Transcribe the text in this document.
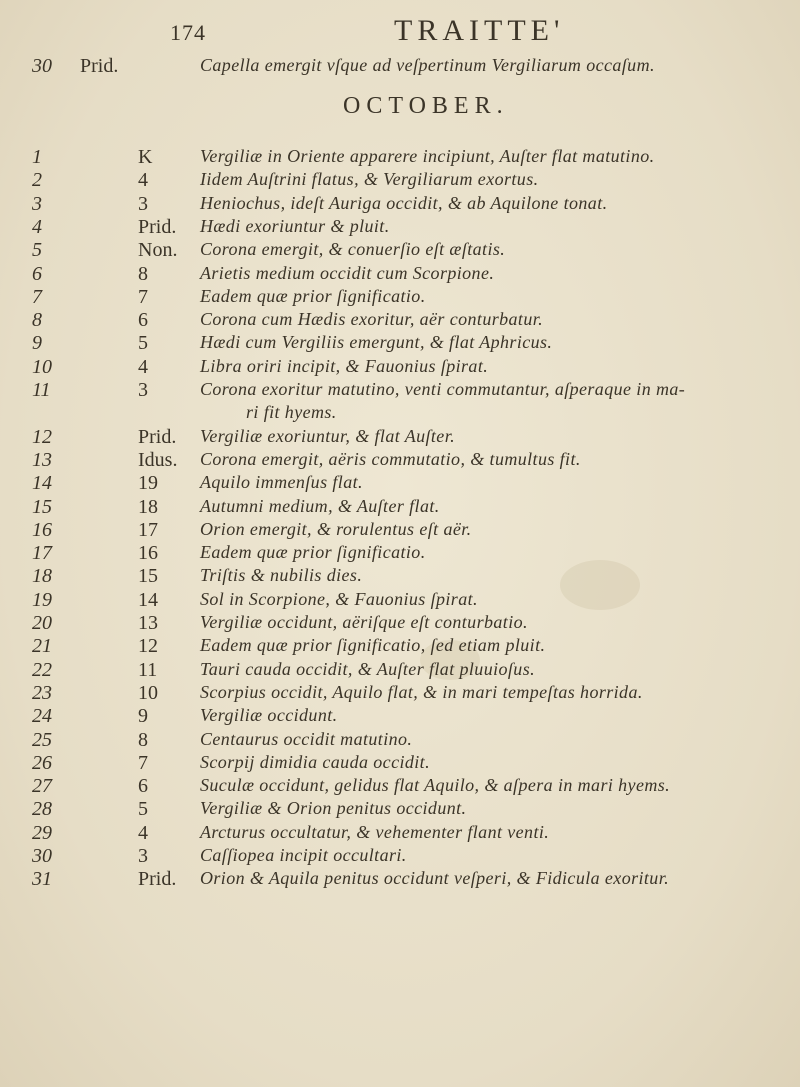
174	TRAITTE'
30	Prid.	Capella emergit vſque ad veſpertinum Vergiliarum occaſum.
OCTOBER.
1	K	Vergiliæ in Oriente apparere incipiunt, Auſter flat matutino.
2	4	Iidem Auſtrini flatus, & Vergiliarum exortus.
3	3	Heniochus, ideſt Auriga occidit, & ab Aquilone tonat.
4	Prid.	Hædi exoriuntur & pluit.
5	Non.	Corona emergit, & conuerſio eſt æſtatis.
6	8	Arietis medium occidit cum Scorpione.
7	7	Eadem quæ prior ſignificatio.
8	6	Corona cum Hædis exoritur, aër conturbatur.
9	5	Hædi cum Vergiliis emergunt, & flat Aphricus.
10	4	Libra oriri incipit, & Fauonius ſpirat.
11	3	Corona exoritur matutino, venti commutantur, aſperaque in ma-
ri fit hyems.
12	Prid.	Vergiliæ exoriuntur, & flat Auſter.
13	Idus.	Corona emergit, aëris commutatio, & tumultus fit.
14	19	Aquilo immenſus flat.
15	18	Autumni medium, & Auſter flat.
16	17	Orion emergit, & rorulentus eſt aër.
17	16	Eadem quæ prior ſignificatio.
18	15	Triſtis & nubilis dies.
19	14	Sol in Scorpione, & Fauonius ſpirat.
20	13	Vergiliæ occidunt, aëriſque eſt conturbatio.
21	12	Eadem quæ prior ſignificatio, ſed etiam pluit.
22	11	Tauri cauda occidit, & Auſter flat pluuioſus.
23	10	Scorpius occidit, Aquilo flat, & in mari tempeſtas horrida.
24	9	Vergiliæ occidunt.
25	8	Centaurus occidit matutino.
26	7	Scorpij dimidia cauda occidit.
27	6	Suculæ occidunt, gelidus flat Aquilo, & aſpera in mari hyems.
28	5	Vergiliæ & Orion penitus occidunt.
29	4	Arcturus occultatur, & vehementer flant venti.
30	3	Caſſiopea incipit occultari.
31	Prid.	Orion & Aquila penitus occidunt veſperi, & Fidicula exoritur.
